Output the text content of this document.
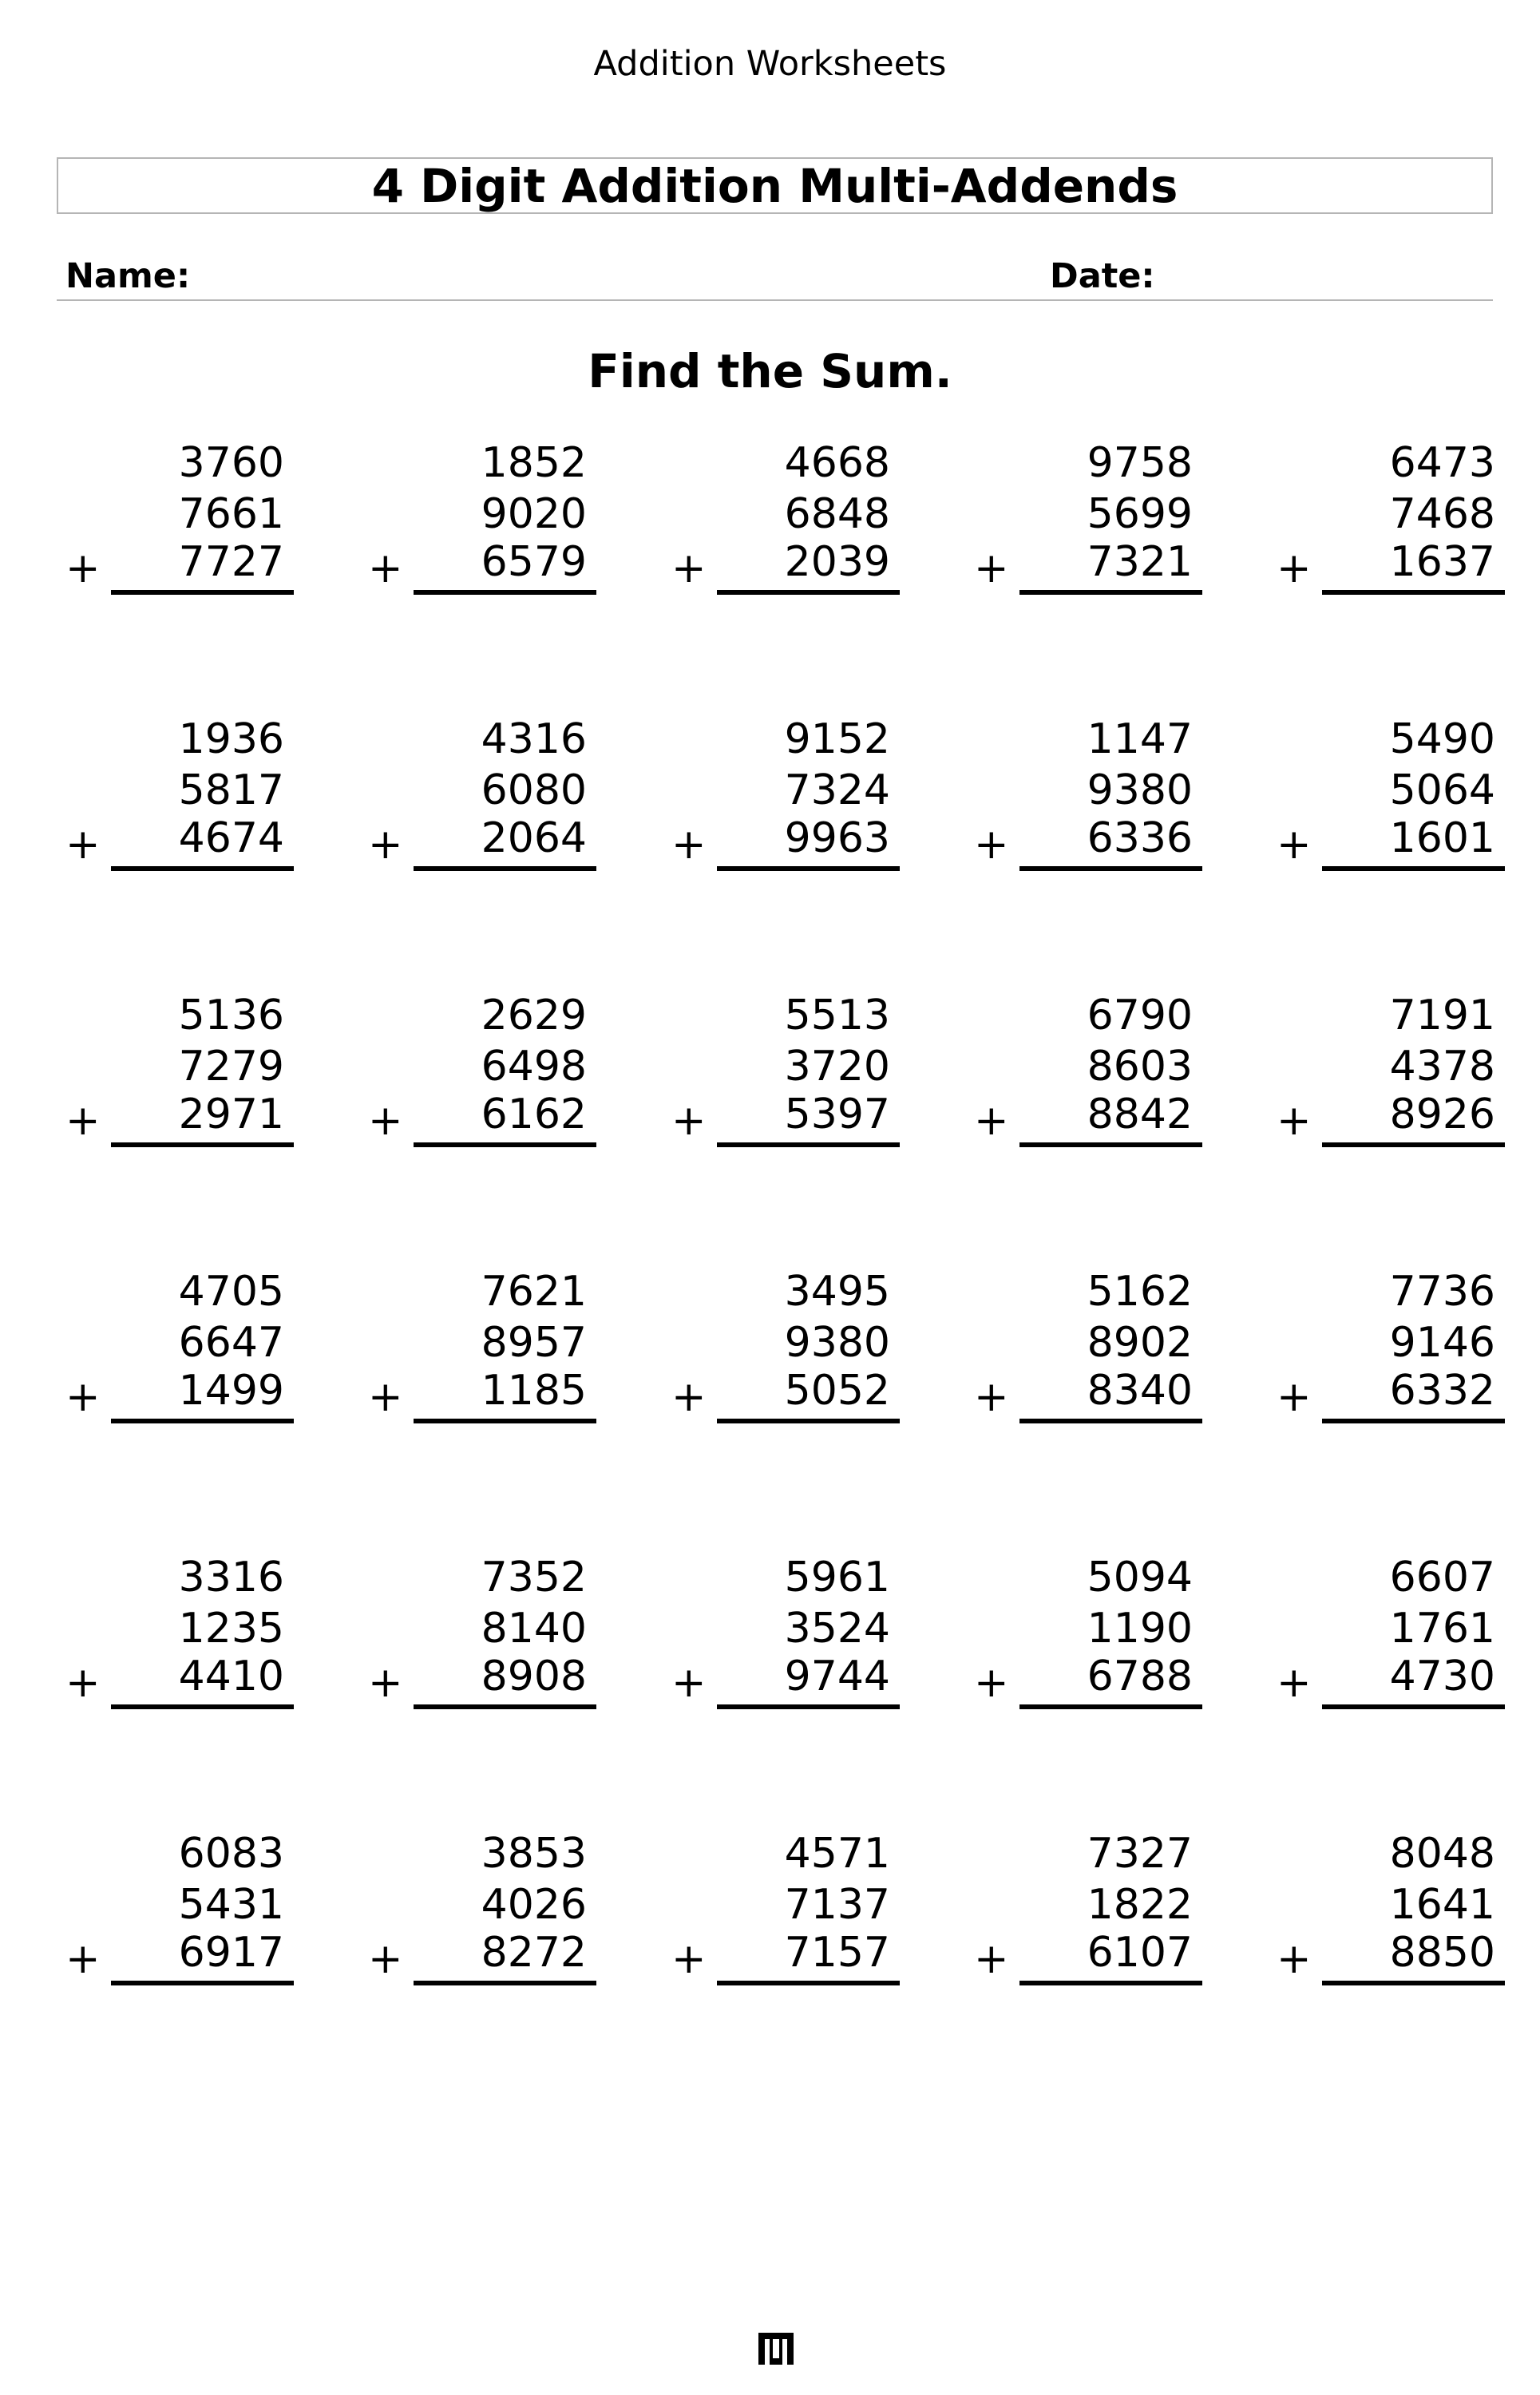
Addition Worksheets
4 Digit Addition Multi-Addends
Name:	Date:
Find the Sum.
3760
7661
7727
+
1852
9020
6579
+
4668
6848
2039
+
9758
5699
7321
+
6473
7468
1637
+
1936
5817
4674
+
4316
6080
2064
+
9152
7324
9963
+
1147
9380
6336
+
5490
5064
1601
+
5136
7279
2971
+
2629
6498
6162
+
5513
3720
5397
+
6790
8603
8842
+
7191
4378
8926
+
4705
6647
1499
+
7621
8957
1185
+
3495
9380
5052
+
5162
8902
8340
+
7736
9146
6332
+
3316
1235
4410
+
7352
8140
8908
+
5961
3524
9744
+
5094
1190
6788
+
6607
1761
4730
+
6083
5431
6917
+
3853
4026
8272
+
4571
7137
7157
+
7327
1822
6107
+
8048
1641
8850
+
